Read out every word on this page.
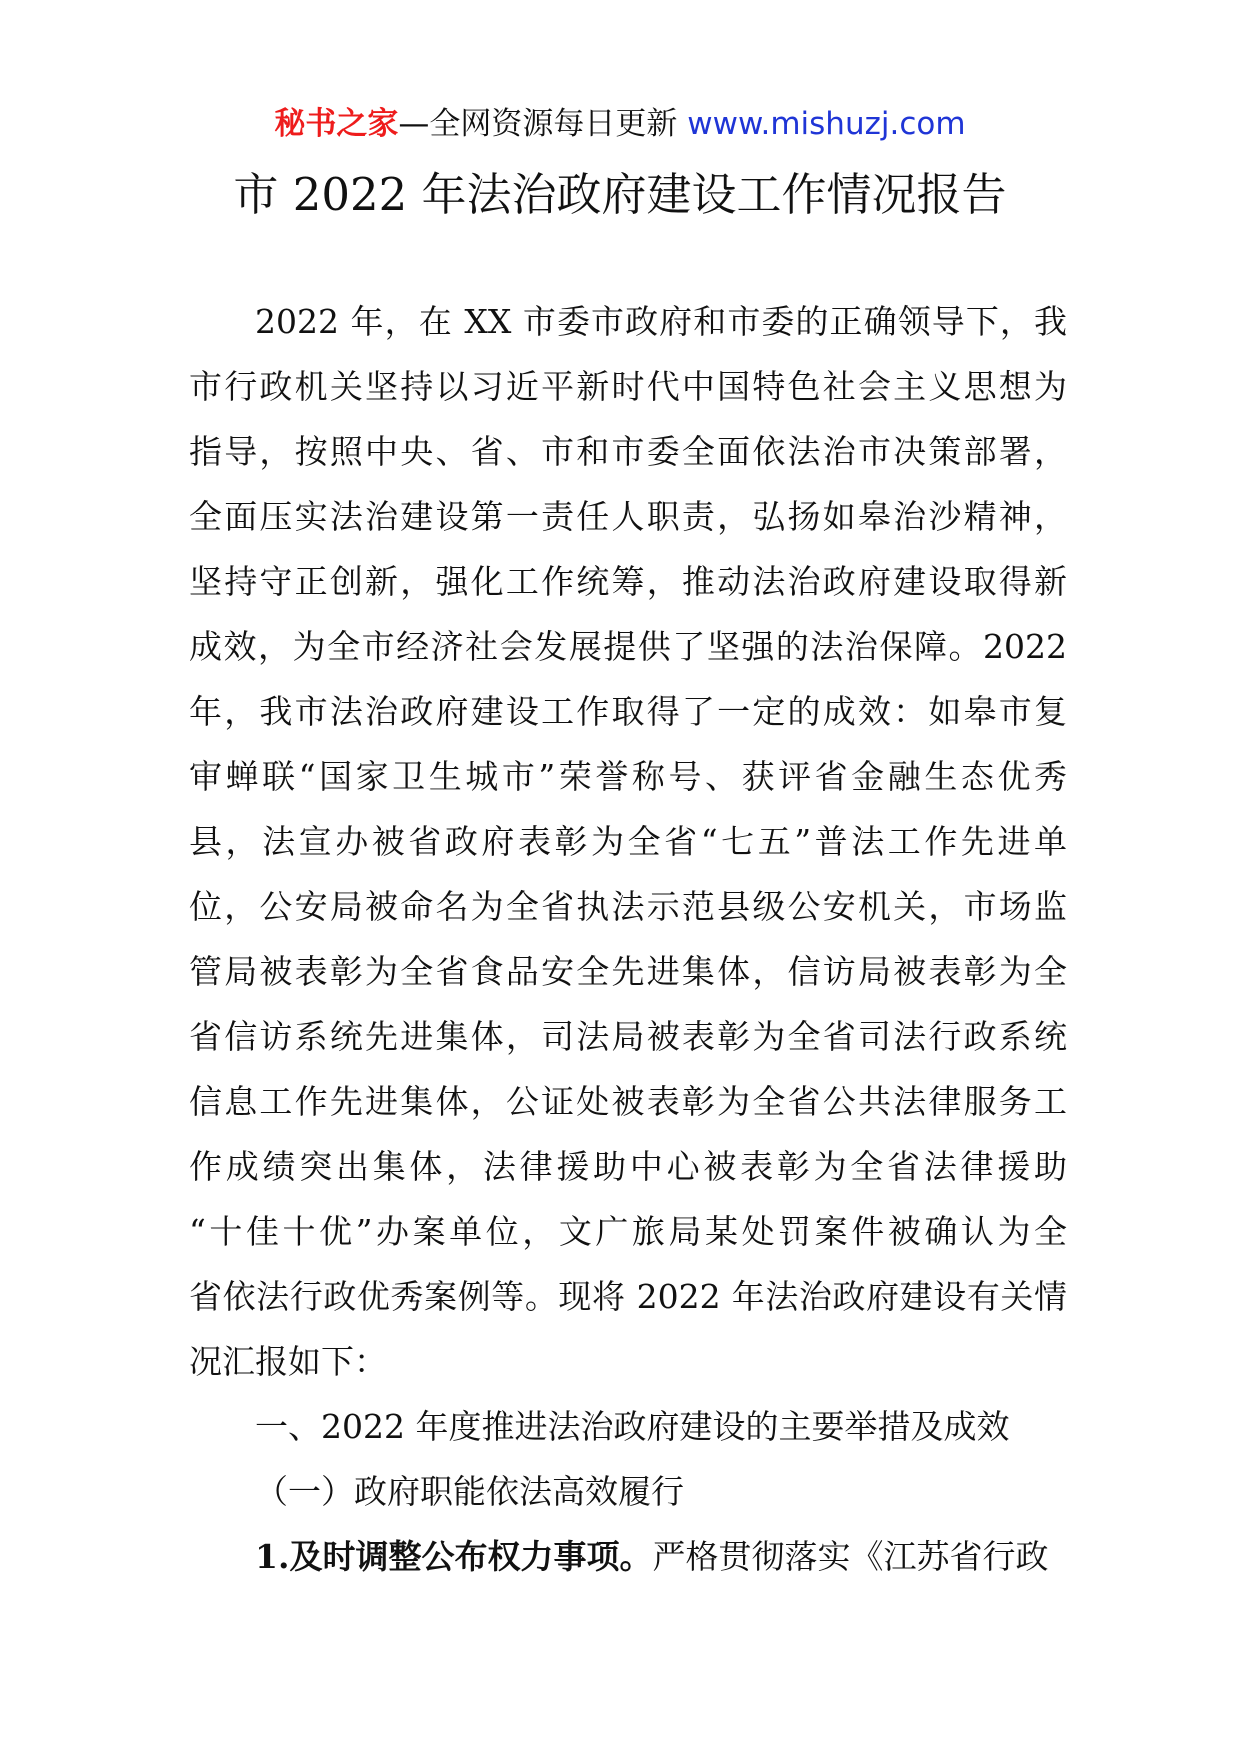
秘书之家—全网资源每日更新 www.mishuzj.com
市 2022 年法治政府建设工作情况报告
2022 年，在 XX 市委市政府和市委的正确领导下，我
市行政机关坚持以习近平新时代中国特色社会主义思想为
指导，按照中央、省、市和市委全面依法治市决策部署，
全面压实法治建设第一责任人职责，弘扬如皋治沙精神，
坚持守正创新，强化工作统筹，推动法治政府建设取得新
成效，为全市经济社会发展提供了坚强的法治保障。2022
年，我市法治政府建设工作取得了一定的成效：如皋市复
审蝉联“国家卫生城市”荣誉称号、获评省金融生态优秀
县，法宣办被省政府表彰为全省“七五”普法工作先进单
位，公安局被命名为全省执法示范县级公安机关，市场监
管局被表彰为全省食品安全先进集体，信访局被表彰为全
省信访系统先进集体，司法局被表彰为全省司法行政系统
信息工作先进集体，公证处被表彰为全省公共法律服务工
作成绩突出集体，法律援助中心被表彰为全省法律援助
“十佳十优”办案单位，文广旅局某处罚案件被确认为全
省依法行政优秀案例等。现将 2022 年法治政府建设有关情
况汇报如下：
一、2022 年度推进法治政府建设的主要举措及成效
（一）政府职能依法高效履行
1.及时调整公布权力事项。严格贯彻落实《江苏省行政
